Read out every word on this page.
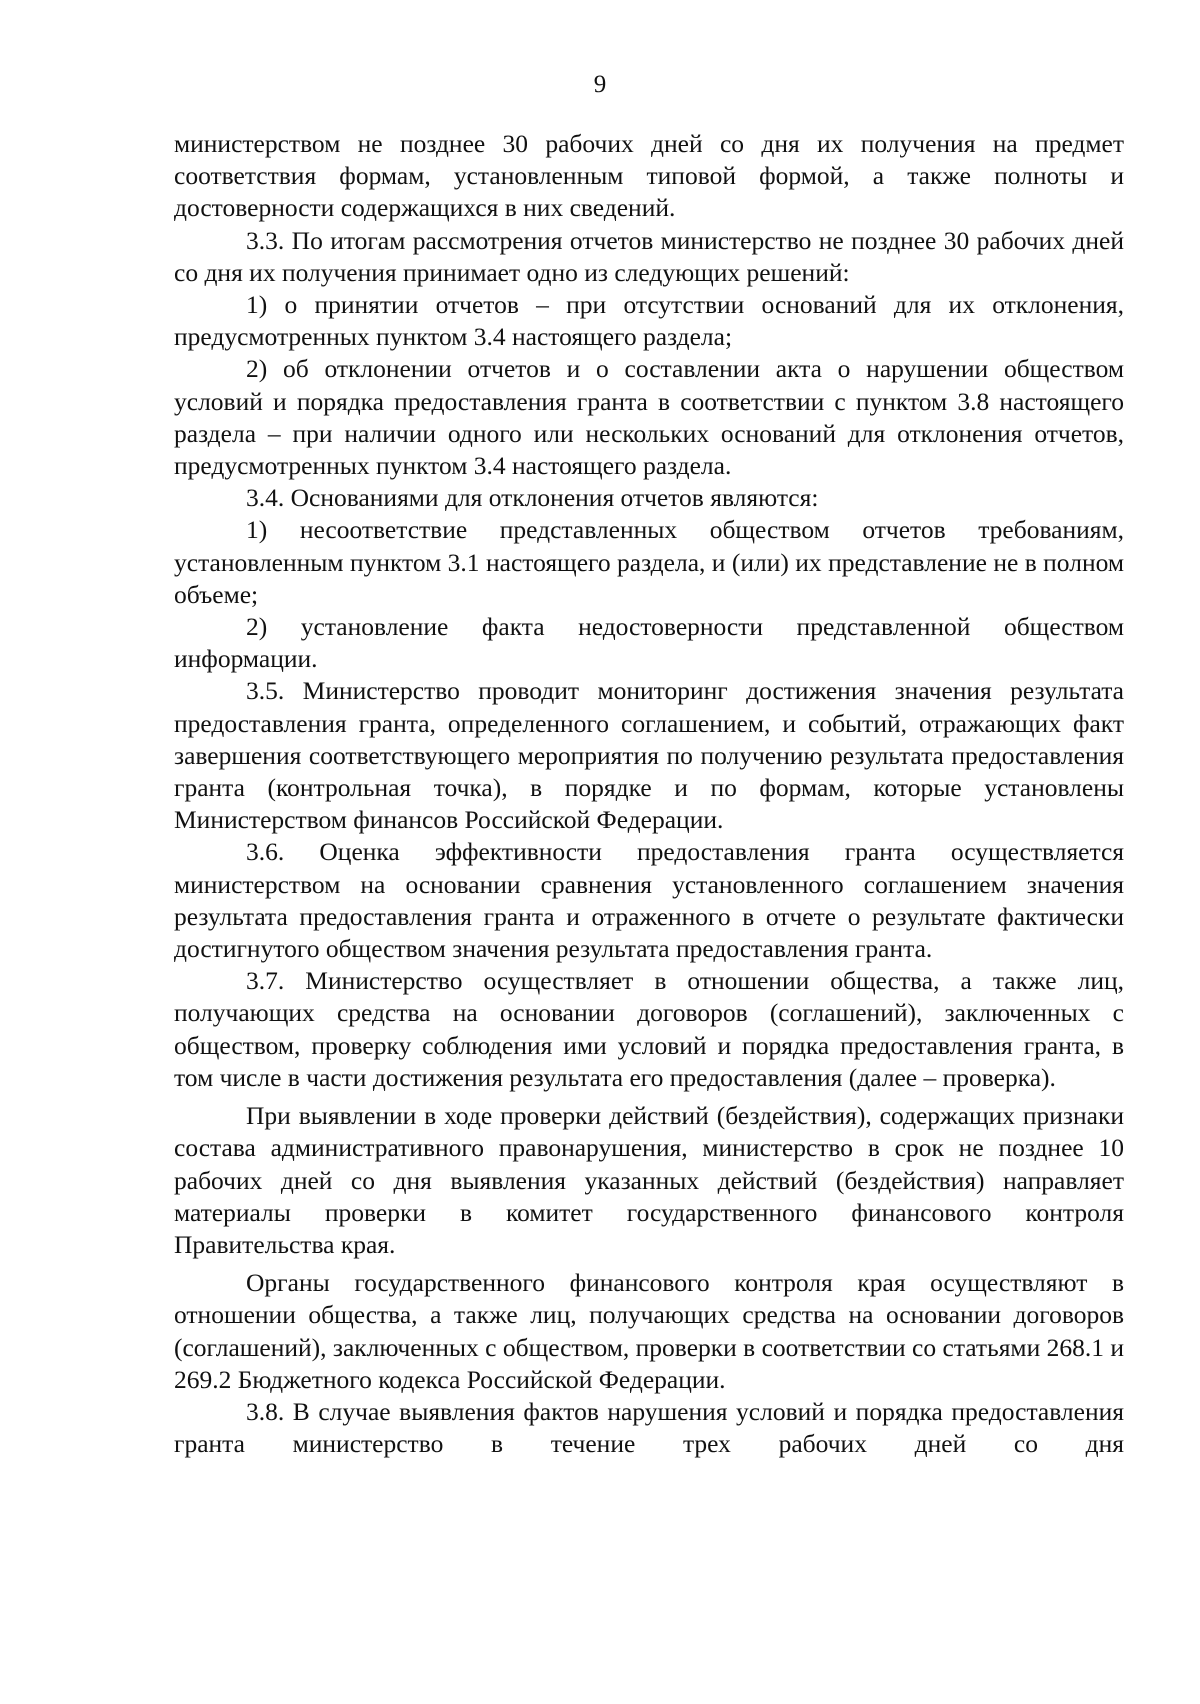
9

министерством не позднее 30 рабочих дней со дня их получения на предмет соответствия формам, установленным типовой формой, а также полноты и достоверности содержащихся в них сведений.

3.3. По итогам рассмотрения отчетов министерство не позднее 30 рабочих дней со дня их получения принимает одно из следующих решений:

1) о принятии отчетов – при отсутствии оснований для их отклонения, предусмотренных пунктом 3.4 настоящего раздела;

2) об отклонении отчетов и о составлении акта о нарушении обществом условий и порядка предоставления гранта в соответствии с пунктом 3.8 настоящего раздела – при наличии одного или нескольких оснований для отклонения отчетов, предусмотренных пунктом 3.4 настоящего раздела.

3.4. Основаниями для отклонения отчетов являются:

1) несоответствие представленных обществом отчетов требованиям, установленным пунктом 3.1 настоящего раздела, и (или) их представление не в полном объеме;

2) установление факта недостоверности представленной обществом информации.

3.5. Министерство проводит мониторинг достижения значения результата предоставления гранта, определенного соглашением, и событий, отражающих факт завершения соответствующего мероприятия по получению результата предоставления гранта (контрольная точка), в порядке и по формам, которые установлены Министерством финансов Российской Федерации.

3.6. Оценка эффективности предоставления гранта осуществляется министерством на основании сравнения установленного соглашением значения результата предоставления гранта и отраженного в отчете о результате фактически достигнутого обществом значения результата предоставления гранта.

3.7. Министерство осуществляет в отношении общества, а также лиц, получающих средства на основании договоров (соглашений), заключенных с обществом, проверку соблюдения ими условий и порядка предоставления гранта, в том числе в части достижения результата его предоставления (далее – проверка).

При выявлении в ходе проверки действий (бездействия), содержащих признаки состава административного правонарушения, министерство в срок не позднее 10 рабочих дней со дня выявления указанных действий (бездействия) направляет материалы проверки в комитет государственного финансового контроля Правительства края.

Органы государственного финансового контроля края осуществляют в отношении общества, а также лиц, получающих средства на основании договоров (соглашений), заключенных с обществом, проверки в соответствии со статьями 268.1 и 269.2 Бюджетного кодекса Российской Федерации.

3.8. В случае выявления фактов нарушения условий и порядка предоставления гранта министерство в течение трех рабочих дней со дня
